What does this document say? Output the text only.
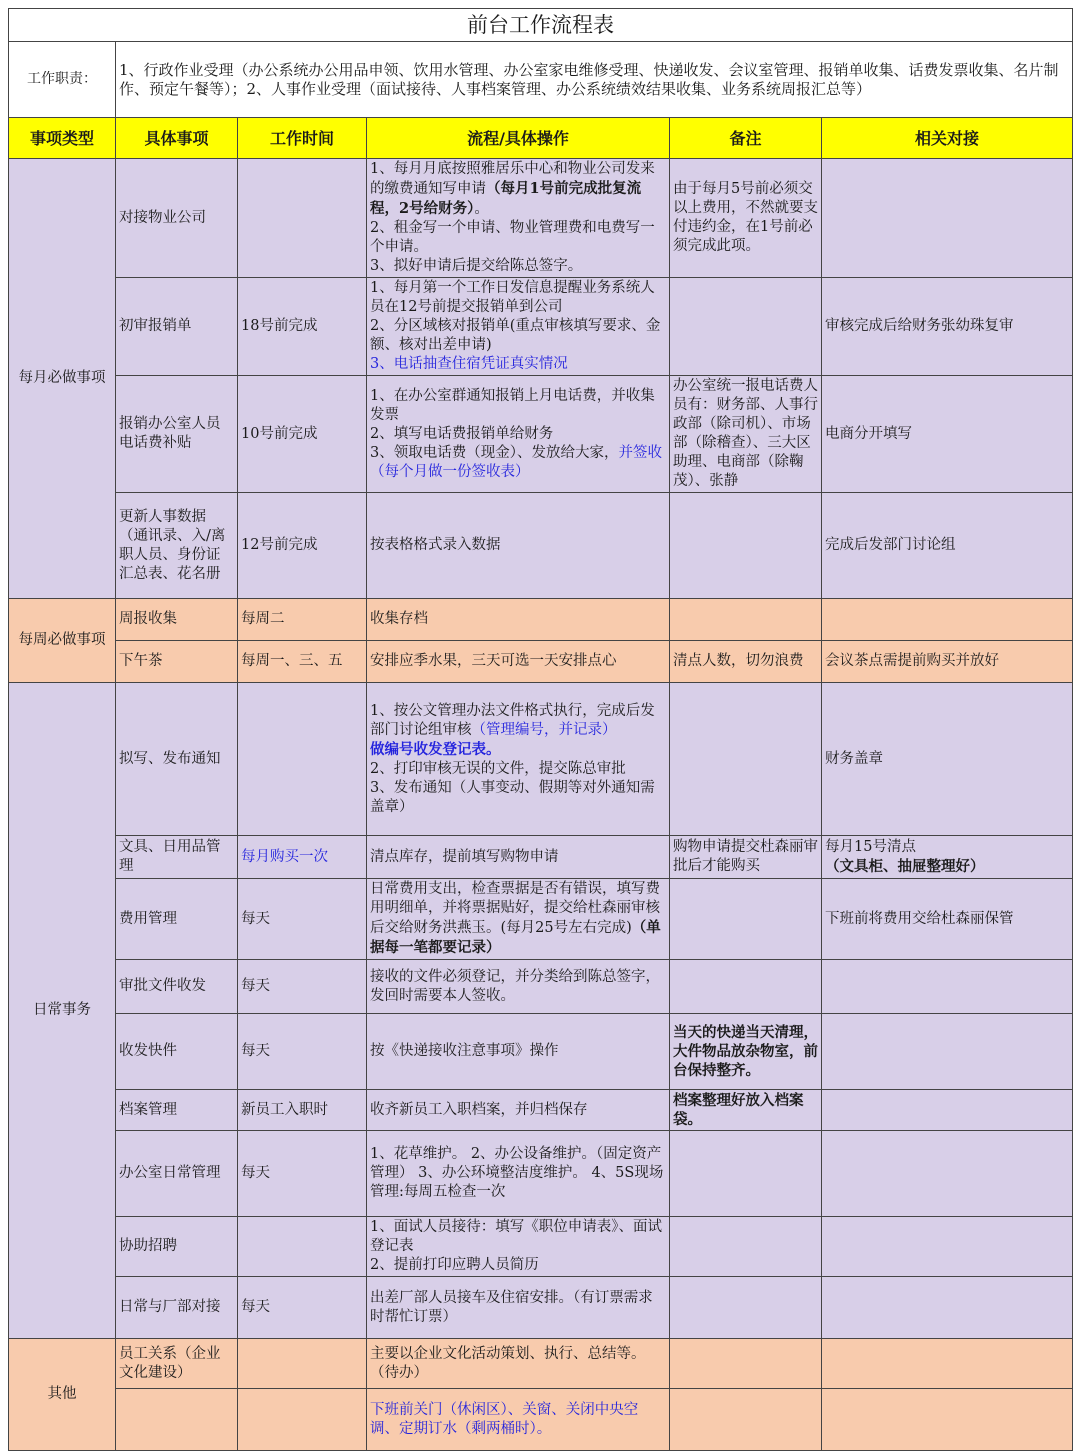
前台工作流程表					
工作职责：	1、行政作业受理（办公系统办公用品申领、饮用水管理、办公室家电维修受理、快递收发、会议室管理、报销单收集、话费发票收集、名片制作、预定午餐等）；2、人事作业受理（面试接待、人事档案管理、办公系统绩效结果收集、业务系统周报汇总等）				
事项类型	具体事项	工作时间	流程/具体操作	备注	相关对接
每月必做事项	对接物业公司		1、每月月底按照雅居乐中心和物业公司发来的缴费通知写申请（每月1号前完成批复流程，2号给财务）。
2、租金写一个申请、物业管理费和电费写一个申请。
3、拟好申请后提交给陈总签字。	由于每月5号前必须交以上费用，不然就要支付违约金，在1号前必须完成此项。	
	初审报销单	18号前完成	1、每月第一个工作日发信息提醒业务系统人员在12号前提交报销单到公司
2、分区域核对报销单(重点审核填写要求、金额、核对出差申请)
3、电话抽查住宿凭证真实情况		审核完成后给财务张幼珠复审
	报销办公室人员电话费补贴	10号前完成	1、在办公室群通知报销上月电话费，并收集发票
2、填写电话费报销单给财务
3、领取电话费（现金）、发放给大家，并签收（每个月做一份签收表）	办公室统一报电话费人员有：财务部、人事行政部（除司机）、市场部（除稽查）、三大区助理、电商部（除鞠茂）、张静	电商分开填写
	更新人事数据（通讯录、入/离职人员、身份证汇总表、花名册	12号前完成	按表格格式录入数据		完成后发部门讨论组
每周必做事项	周报收集	每周二	收集存档		
	下午茶	每周一、三、五	安排应季水果，三天可选一天安排点心	清点人数，切勿浪费	会议茶点需提前购买并放好
日常事务	拟写、发布通知		1、按公文管理办法文件格式执行，完成后发部门讨论组审核（管理编号，并记录）
做编号收发登记表。
2、打印审核无误的文件，提交陈总审批
3、发布通知（人事变动、假期等对外通知需盖章）		财务盖章
	文具、日用品管理	每月购买一次	清点库存，提前填写购物申请	购物申请提交杜森丽审批后才能购买	每月15号清点（文具柜、抽屉整理好）
	费用管理	每天	日常费用支出，检查票据是否有错误，填写费用明细单，并将票据贴好，提交给杜森丽审核后交给财务洪燕玉。(每月25号左右完成)（单据每一笔都要记录）		下班前将费用交给杜森丽保管
	审批文件收发	每天	接收的文件必须登记，并分类给到陈总签字，发回时需要本人签收。		
	收发快件	每天	按《快递接收注意事项》操作	当天的快递当天清理，大件物品放杂物室，前台保持整齐。	
	档案管理	新员工入职时	收齐新员工入职档案，并归档保存	档案整理好放入档案袋。	
	办公室日常管理	每天	1、花草维护。 2、办公设备维护。（固定资产管理） 3、办公环境整洁度维护。 4、5S现场管理:每周五检查一次		
	协助招聘		1、面试人员接待：填写《职位申请表》、面试登记表
2、提前打印应聘人员简历		
	日常与厂部对接	每天	出差厂部人员接车及住宿安排。（有订票需求时帮忙订票）		
其他	员工关系（企业文化建设）		主要以企业文化活动策划、执行、总结等。（待办）		
			下班前关门（休闲区）、关窗、关闭中央空调、定期订水（剩两桶时）。		
